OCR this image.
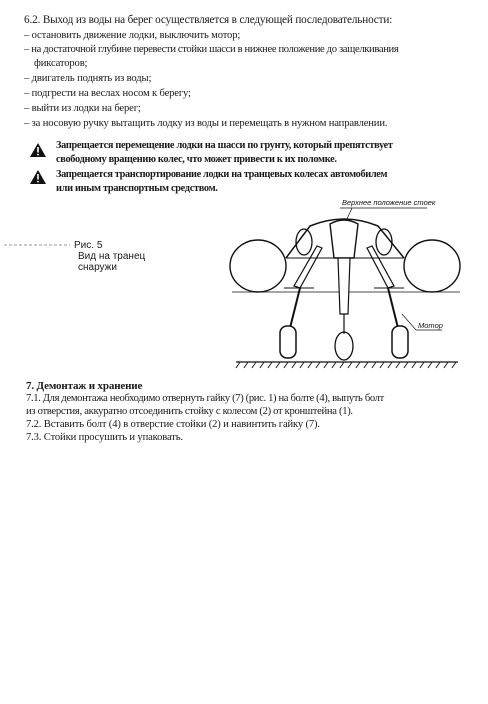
6.2. Выход из воды на берег осуществляется в следующей последовательности:
– остановить движение лодки, выключить мотор;
– на достаточной глубине перевести стойки шасси в нижнее положение до защелкивания
фиксаторов;
– двигатель поднять из воды;
– подгрести на веслах носом к берегу;
– выйти из лодки на берег;
– за носовую ручку вытащить лодку из воды и перемещать в нужном направлении.
Запрещается перемещение лодки на шасси по грунту, который препятствует
свободному вращению колес, что может привести к их поломке.
Запрещается транспортирование лодки на транцевых колесах автомобилем
или иным транспортным средством.
Рис. 5
Вид на транец
снаружи
Верхнее положение стоек
Мотор
7. Демонтаж и хранение
7.1. Для демонтажа необходимо отвернуть гайку (7) (рис. 1) на болте (4), выпуть болт
из отверстия, аккуратно отсоединить стойку с колесом (2) от кронштейна (1).
7.2. Вставить болт (4) в отверстие стойки (2) и навинтить гайку (7).
7.3. Стойки просушить и упаковать.
